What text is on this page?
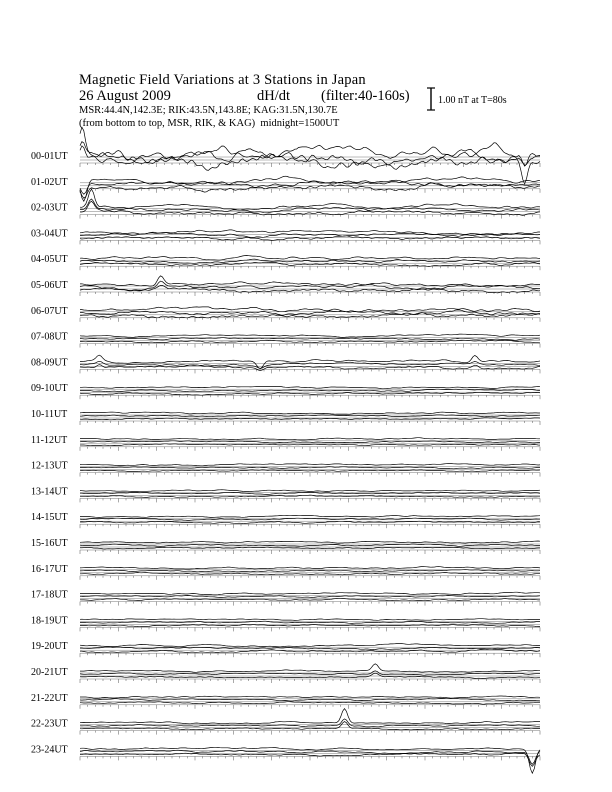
Magnetic Field Variations at 3 Stations in Japan
26 August 2009	dH/dt (filter:40-160s)
MSR:44.4N,142.3E; RIK:43.5N,143.8E; KAG:31.5N,130.7E
(from bottom to top, MSR, RIK, & KAG) midnight=1500UT
1.00 nT at T=80s
00-01UT
01-02UT
02-03UT
03-04UT
04-05UT
05-06UT
06-07UT
07-08UT
08-09UT
09-10UT
10-11UT
11-12UT
12-13UT
13-14UT
14-15UT
15-16UT
16-17UT
17-18UT
18-19UT
19-20UT
20-21UT
21-22UT
22-23UT
23-24UT
